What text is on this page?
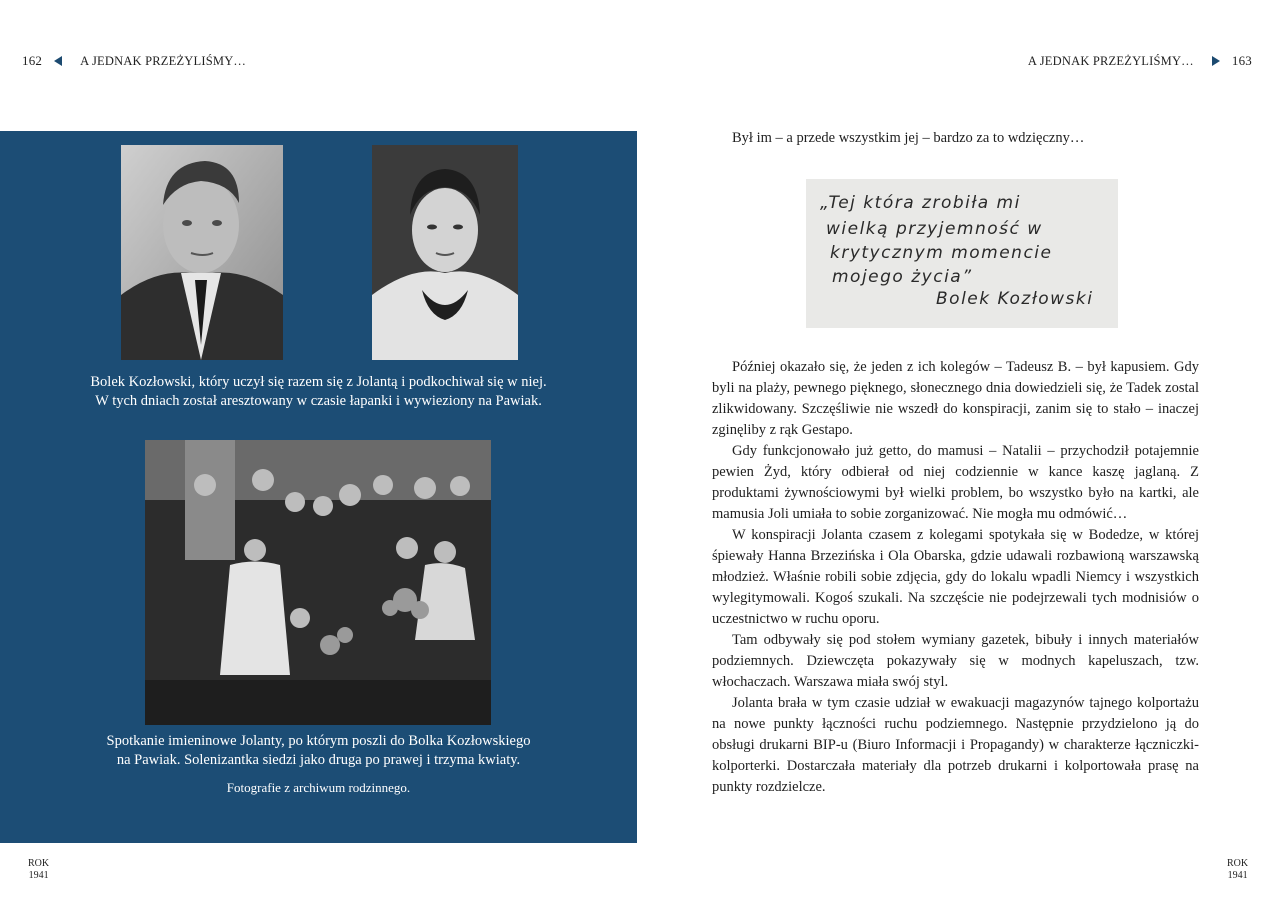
162	A JEDNAK PRZEŻYLIŚMY…	A JEDNAK PRZEŻYLIŚMY…	163
Bolek Kozłowski, który uczył się razem się z Jolantą i podkochiwał się w niej.
W tych dniach został aresztowany w czasie łapanki i wywieziony na Pawiak.
Spotkanie imieninowe Jolanty, po którym poszli do Bolka Kozłowskiego
na Pawiak. Solenizantka siedzi jako druga po prawej i trzyma kwiaty.
Fotografie z archiwum rodzinnego.
Był im – a przede wszystkim jej – bardzo za to wdzięczny…
„Tej która zrobiła mi
wielką przyjemność w
krytycznym momencie
mojego życia”
Bolek Kozłowski

Później okazało się, że jeden z ich kolegów – Tadeusz B. – był kapusiem. Gdy byli na plaży, pewnego pięknego, słonecznego dnia dowiedzieli się, że Tadek zostal zlikwidowany. Szczęśliwie nie wszedł do konspiracji, zanim się to stało – inaczej zginęliby z rąk Gestapo.

Gdy funkcjonowało już getto, do mamusi – Natalii – przychodził potajemnie pewien Żyd, który odbierał od niej codziennie w kance kaszę jaglaną. Z produktami żywnościowymi był wielki problem, bo wszystko było na kartki, ale mamusia Joli umiała to sobie zorganizować. Nie mogła mu odmówić…

W konspiracji Jolanta czasem z kolegami spotykała się w Bodedze, w której śpiewały Hanna Brzezińska i Ola Obarska, gdzie udawali rozbawioną warszawską młodzież. Właśnie robili sobie zdjęcia, gdy do lokalu wpadli Niemcy i wszystkich wylegitymowali. Kogoś szukali. Na szczęście nie podejrzewali tych modnisiów o uczestnictwo w ruchu oporu.

Tam odbywały się pod stołem wymiany gazetek, bibuły i innych materiałów podziemnych. Dziewczęta pokazywały się w modnych kapeluszach, tzw. włochaczach. Warszawa miała swój styl.

Jolanta brała w tym czasie udział w ewakuacji magazynów tajnego kolportażu na nowe punkty łączności ruchu podziemnego. Następnie przydzielono ją do obsługi drukarni BIP-u (Biuro Informacji i Propagandy) w charakterze łączniczki-kolporterki. Dostarczała materiały dla potrzeb drukarni i kolportowała prasę na punkty rozdzielcze.

ROK
1941
ROK
1941
